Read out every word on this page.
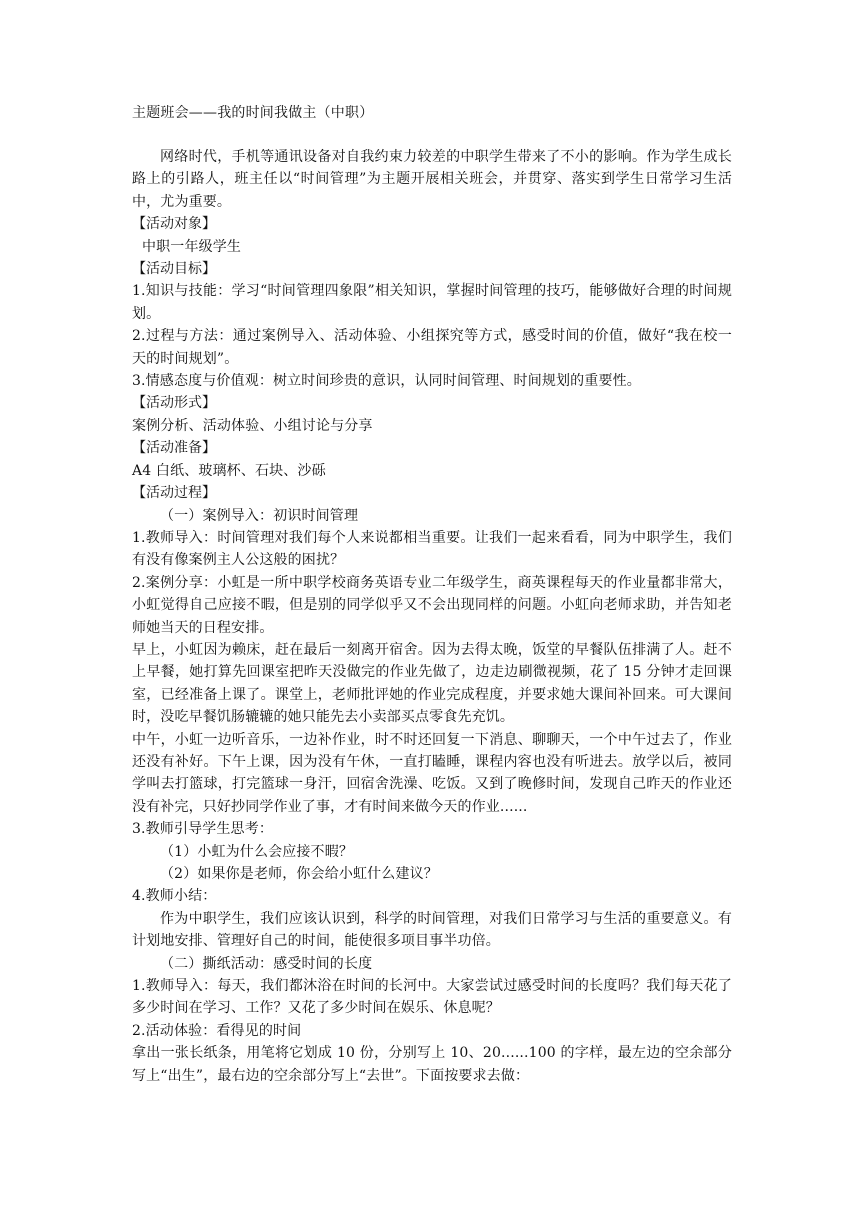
主题班会——我的时间我做主（中职）

网络时代，手机等通讯设备对自我约束力较差的中职学生带来了不小的影响。作为学生成长路上的引路人，班主任以“时间管理”为主题开展相关班会，并贯穿、落实到学生日常学习生活中，尤为重要。

【活动对象】

中职一年级学生

【活动目标】

1.知识与技能：学习“时间管理四象限”相关知识，掌握时间管理的技巧，能够做好合理的时间规划。

2.过程与方法：通过案例导入、活动体验、小组探究等方式，感受时间的价值，做好“我在校一天的时间规划”。

3.情感态度与价值观：树立时间珍贵的意识，认同时间管理、时间规划的重要性。

【活动形式】

案例分析、活动体验、小组讨论与分享

【活动准备】

A4 白纸、玻璃杯、石块、沙砾

【活动过程】

（一）案例导入：初识时间管理

1.教师导入：时间管理对我们每个人来说都相当重要。让我们一起来看看，同为中职学生，我们有没有像案例主人公这般的困扰？

2.案例分享：小虹是一所中职学校商务英语专业二年级学生，商英课程每天的作业量都非常大，小虹觉得自己应接不暇，但是别的同学似乎又不会出现同样的问题。小虹向老师求助，并告知老师她当天的日程安排。

早上，小虹因为赖床，赶在最后一刻离开宿舍。因为去得太晚，饭堂的早餐队伍排满了人。赶不上早餐，她打算先回课室把昨天没做完的作业先做了，边走边刷微视频，花了 15 分钟才走回课室，已经准备上课了。课堂上，老师批评她的作业完成程度，并要求她大课间补回来。可大课间时，没吃早餐饥肠辘辘的她只能先去小卖部买点零食先充饥。

中午，小虹一边听音乐，一边补作业，时不时还回复一下消息、聊聊天，一个中午过去了，作业还没有补好。下午上课，因为没有午休，一直打瞌睡，课程内容也没有听进去。放学以后，被同学叫去打篮球，打完篮球一身汗，回宿舍洗澡、吃饭。又到了晚修时间，发现自己昨天的作业还没有补完，只好抄同学作业了事，才有时间来做今天的作业......

3.教师引导学生思考：

（1）小虹为什么会应接不暇？

（2）如果你是老师，你会给小虹什么建议？

4.教师小结：

作为中职学生，我们应该认识到，科学的时间管理，对我们日常学习与生活的重要意义。有计划地安排、管理好自己的时间，能使很多项目事半功倍。

（二）撕纸活动：感受时间的长度

1.教师导入：每天，我们都沐浴在时间的长河中。大家尝试过感受时间的长度吗？我们每天花了多少时间在学习、工作？又花了多少时间在娱乐、休息呢？

2.活动体验：看得见的时间

拿出一张长纸条，用笔将它划成 10 份，分别写上 10、20......100 的字样，最左边的空余部分写上“出生”，最右边的空余部分写上“去世”。下面按要求去做：
